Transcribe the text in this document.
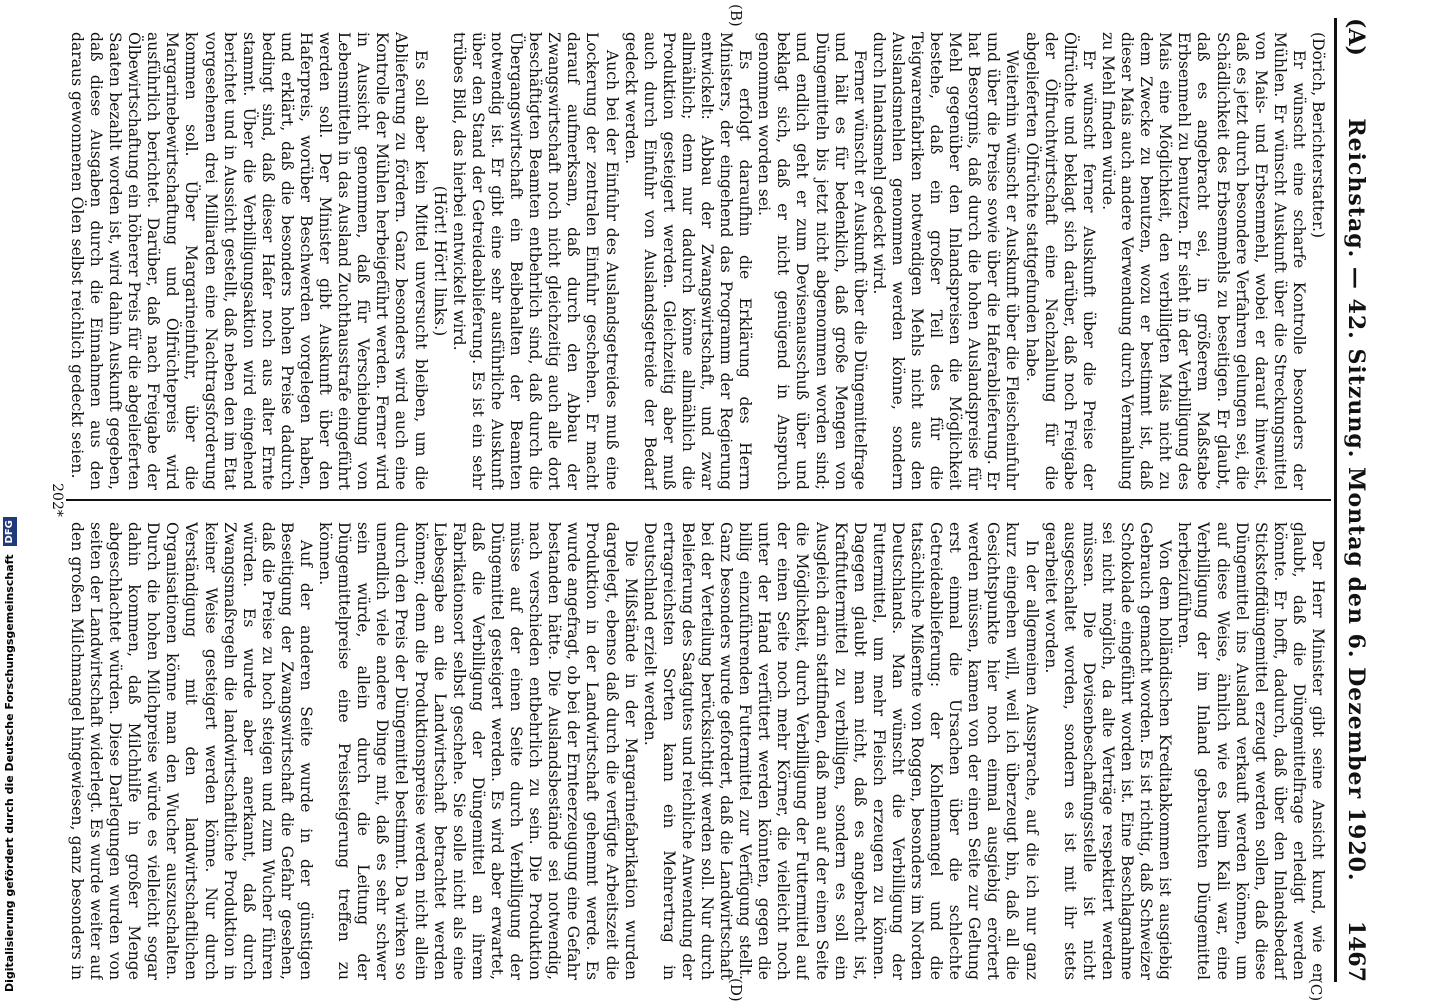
Digitalisierung gefördert durch die Deutsche Forschungsgemeinschaft DFG
(A)
Reichstag. — 42. Sitzung. Montag den 6. Dezember 1920.
1467
(B)
(C)
(D)

(Dörich, Berichterstatter.)

Er wünscht eine scharfe Kontrolle besonders der Mühlen. Er wünscht Auskunft über die Streckungsmittel von Mais- und Erbsenmehl, wobei er darauf hinweist, daß es jetzt durch besondere Verfahren gelungen sei, die Schädlichkeit des Erbsenmehls zu beseitigen. Er glaubt, daß es angebracht sei, in größerem Maßstabe Erbsenmehl zu benutzen. Er sieht in der Verbilligung des Mais eine Möglichkeit, den verbilligten Mais nicht zu dem Zwecke zu benutzen, wozu er bestimmt ist, daß dieser Mais auch andere Verwendung durch Vermahlung zu Mehl finden würde.

Er wünscht ferner Auskunft über die Preise der Ölfrüchte und beklagt sich darüber, daß noch Freigabe der Ölfruchtwirtschaft eine Nachzahlung für die abgelieferten Ölfrüchte stattgefunden habe.

Weiterhin wünscht er Auskunft über die Fleischeinfuhr und über die Preise sowie über die Haferablieferung. Er hat Besorgnis, daß durch die hohen Auslandspreise für Mehl gegenüber den Inlandspreisen die Möglichkeit bestehe, daß ein großer Teil des für die Teigwarenfabriken notwendigen Mehls nicht aus den Auslandsmehlen genommen werden könne, sondern durch Inlandsmehl gedeckt wird.

Ferner wünscht er Auskunft über die Düngemittelfrage und hält es für bedenklich, daß große Mengen von Düngemitteln bis jetzt nicht abgenommen worden sind; und endlich geht er zum Devisenausschuß über und beklagt sich, daß er nicht genügend in Anspruch genommen worden sei.

Es erfolgt daraufhin die Erklärung des Herrn Ministers, der eingehend das Programm der Regierung entwickelt: Abbau der Zwangswirtschaft, und zwar allmählich; denn nur dadurch könne allmählich die Produktion gesteigert werden. Gleichzeitig aber muß auch durch Einfuhr von Auslandsgetreide der Bedarf gedeckt werden.

Auch bei der Einfuhr des Auslandsgetreides muß eine Lockerung der zentralen Einfuhr geschehen. Er macht darauf aufmerksam, daß durch den Abbau der Zwangswirtschaft noch nicht gleichzeitig auch alle dort beschäftigten Beamten entbehrlich sind, daß durch die Übergangswirtschaft ein Beibehalten der Beamten notwendig ist. Er gibt eine sehr ausführliche Auskunft über den Stand der Getreideablieferung. Es ist ein sehr trübes Bild, das hierbei entwickelt wird.

(Hört! Hört! links.)

Es soll aber kein Mittel unversucht bleiben, um die Ablieferung zu fördern. Ganz besonders wird auch eine Kontrolle der Mühlen herbeigeführt werden. Ferner wird in Aussicht genommen, daß für Verschiebung von Lebensmitteln in das Ausland Zuchthausstrafe eingeführt werden soll. Der Minister gibt Auskunft über den Haferpreis, worüber Beschwerden vorgelegen haben, und erklärt, daß die besonders hohen Preise dadurch bedingt sind, daß dieser Hafer noch aus alter Ernte stammt. Über die Verbilligungsaktion wird eingehend berichtet und in Aussicht gestellt, daß neben den im Etat vorgesehenen drei Milliarden eine Nachtragsforderung kommen soll. Über Margarineinfuhr, über die Margarinebewirtschaftung und Ölfrüchtepreis wird ausführlich berichtet. Darüber, daß nach Freigabe der Ölbewirtschaftung ein höherer Preis für die abgelieferten Saaten bezahlt worden ist, wird dahin Auskunft gegeben, daß diese Ausgaben durch die Einnahmen aus den daraus gewonnenen Ölen selbst reichlich gedeckt seien.

Der Herr Minister gibt seine Ansicht kund, wie er glaubt, daß die Düngemittelfrage erledigt werden könnte. Er hofft, dadurch, daß über den Inlandsbedarf Stickstoffdüngemittel erzeugt werden sollen, daß diese Düngemittel ins Ausland verkauft werden können, um auf diese Weise, ähnlich wie es beim Kali war, eine Verbilligung der im Inland gebrauchten Düngemittel herbeizuführen.

Von dem holländischen Kreditabkommen ist ausgiebig Gebrauch gemacht worden. Es ist richtig, daß Schweizer Schokolade eingeführt worden ist. Eine Beschlagnahme sei nicht möglich, da alte Verträge respektiert werden müssen. Die Devisenbeschaffungsstelle ist nicht ausgeschaltet worden, sondern es ist mit ihr stets gearbeitet worden.

In der allgemeinen Aussprache, auf die ich nur ganz kurz eingehen will, weil ich überzeugt bin, daß all die Gesichtspunkte hier noch einmal ausgiebig erörtert werden müssen, kamen von der einen Seite zur Geltung erst einmal die Ursachen über die schlechte Getreideablieferung: der Kohlenmangel und die tatsächliche Mißernte von Roggen, besonders im Norden Deutschlands. Man wünscht die Verbilligung der Futtermittel, um mehr Fleisch erzeugen zu können. Dagegen glaubt man nicht, daß es angebracht ist, Kraftfuttermittel zu verbilligen, sondern es soll ein Ausgleich darin stattfinden, daß man auf der einen Seite die Möglichkeit, durch Verbilligung der Futtermittel auf der einen Seite noch mehr Körner, die vielleicht noch unter der Hand verfüttert werden könnten, gegen die billig einzuführenden Futtermittel zur Verfügung stellt. Ganz besonders wurde gefordert, daß die Landwirtschaft bei der Verteilung berücksichtigt werden soll. Nur durch Belieferung des Saatgutes und reichliche Anwendung der ertragreichsten Sorten kann ein Mehrertrag in Deutschland erzielt werden.

Die Mißstände in der Margarinefabrikation wurden dargelegt, ebenso daß durch die verfügte Arbeitszeit die Produktion in der Landwirtschaft gehemmt werde. Es wurde angefragt, ob bei der Ernteerzeugung eine Gefahr bestanden hätte. Die Auslandsbestände sei notwendig, nach verschieden entbehrlich zu sein. Die Produktion müsse auf der einen Seite durch Verbilligung der Düngemittel gesteigert werden. Es wird aber erwartet, daß die Verbilligung der Düngemittel an ihrem Fabrikationsort selbst geschehe. Sie solle nicht als eine Liebesgabe an die Landwirtschaft betrachtet werden können; denn die Produktionspreise werden nicht allein durch den Preis der Düngemittel bestimmt. Da wirken so unendlich viele andere Dinge mit, daß es sehr schwer sein würde, allein durch die Leitung der Düngemittelpreise eine Preissteigerung treffen zu können.

Auf der anderen Seite wurde in der günstigen Beseitigung der Zwangswirtschaft die Gefahr gesehen, daß die Preise zu hoch steigen und zum Wucher führen würden. Es wurde aber anerkannt, daß durch Zwangsmaßregeln die landwirtschaftliche Produktion in keiner Weise gesteigert werden könne. Nur durch Verständigung mit den landwirtschaftlichen Organisationen könne man den Wucher auszuschalten. Durch die hohen Milchpreise würde es vielleicht sogar dahin kommen, daß Milchhilfe in großer Menge abgeschlachtet würden. Diese Darlegungen wurden von seiten der Landwirtschaft widerlegt. Es wurde weiter auf den großen Milchmangel hingewiesen, ganz besonders in

202*
